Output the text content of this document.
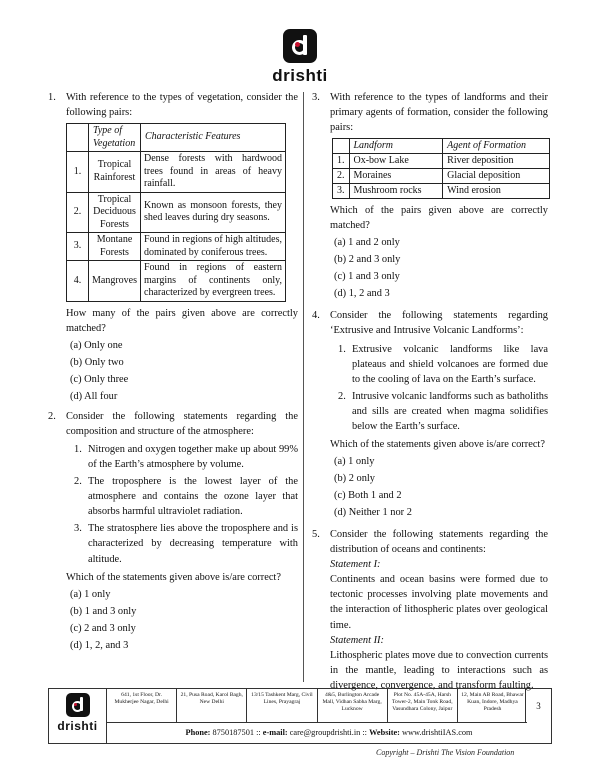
drishti
1. With reference to the types of vegetation, consider the following pairs:
	Type of Vegetation	Characteristic Features
1.	Tropical Rainforest	Dense forests with hardwood trees found in areas of heavy rainfall.
2.	Tropical Deciduous Forests	Known as monsoon forests, they shed leaves during dry seasons.
3.	Montane Forests	Found in regions of high altitudes, dominated by coniferous trees.
4.	Mangroves	Found in regions of eastern margins of continents only, characterized by evergreen trees.
How many of the pairs given above are correctly matched?
(a) Only one
(b) Only two
(c) Only three
(d) All four
2. Consider the following statements regarding the composition and structure of the atmosphere:
1. Nitrogen and oxygen together make up about 99% of the Earth’s atmosphere by volume.
2. The troposphere is the lowest layer of the atmosphere and contains the ozone layer that absorbs harmful ultraviolet radiation.
3. The stratosphere lies above the troposphere and is characterized by decreasing temperature with altitude.
Which of the statements given above is/are correct?
(a) 1 only
(b) 1 and 3 only
(c) 2 and 3 only
(d) 1, 2, and 3
3. With reference to the types of landforms and their primary agents of formation, consider the following pairs:
	Landform	Agent of Formation
1.	Ox-bow Lake	River deposition
2.	Moraines	Glacial deposition
3.	Mushroom rocks	Wind erosion
Which of the pairs given above are correctly matched?
(a) 1 and 2 only
(b) 2 and 3 only
(c) 1 and 3 only
(d) 1, 2 and 3
4. Consider the following statements regarding ‘Extrusive and Intrusive Volcanic Landforms’:
1. Extrusive volcanic landforms like lava plateaus and shield volcanoes are formed due to the cooling of lava on the Earth’s surface.
2. Intrusive volcanic landforms such as batholiths and sills are created when magma solidifies below the Earth’s surface.
Which of the statements given above is/are correct?
(a) 1 only
(b) 2 only
(c) Both 1 and 2
(d) Neither 1 nor 2
5. Consider the following statements regarding the distribution of oceans and continents:
Statement I:
Continents and ocean basins were formed due to tectonic processes involving plate movements and the interaction of lithospheric plates over geological time.
Statement II:
Lithospheric plates move due to convection currents in the mantle, leading to interactions such as divergence, convergence, and transform faulting.
drishti
641, 1st Floor, Dr. Mukherjee Nagar, Delhi
21, Pusa Road, Karol Bagh, New Delhi
13/15 Tashkent Marg, Civil Lines, Prayagraj
4&5, Burlington Arcade Mall, Vidhan Sabha Marg, Lucknow
Plot No. 45A-45A, Harsh Tower-2, Main Tonk Road, Vasundhara Colony, Jaipur
12, Main AB Road, Bhawar Kuan, Indore, Madhya Pradesh	3
Phone: 8750187501 :: e-mail: care@groupdrishti.in :: Website: www.drishtiIAS.com
Copyright – Drishti The Vision Foundation
